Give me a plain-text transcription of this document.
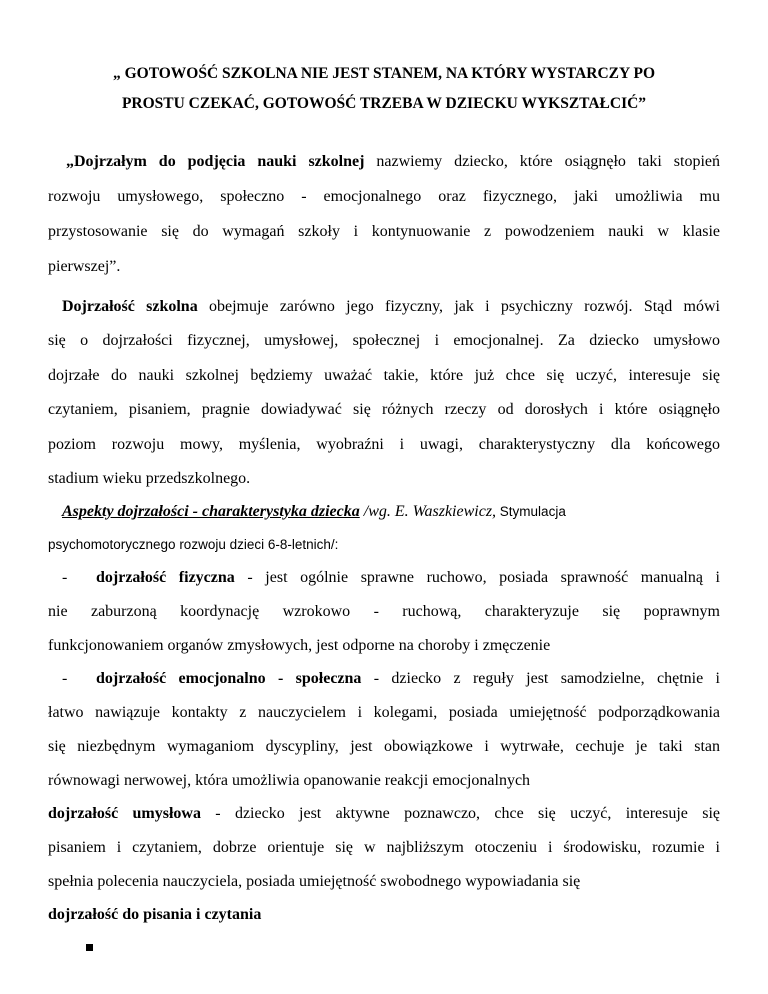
„ GOTOWOŚĆ SZKOLNA NIE JEST STANEM, NA KTÓRY WYSTARCZY PO
PROSTU CZEKAĆ, GOTOWOŚĆ TRZEBA W DZIECKU WYKSZTAŁCIĆ”
„Dojrzałym do podjęcia nauki szkolnej nazwiemy dziecko, które osiągnęło taki stopień
rozwoju umysłowego, społeczno - emocjonalnego oraz fizycznego, jaki umożliwia mu
przystosowanie się do wymagań szkoły i kontynuowanie z powodzeniem nauki w klasie
pierwszej”.
Dojrzałość szkolna obejmuje zarówno jego fizyczny, jak i psychiczny rozwój. Stąd mówi
się o dojrzałości fizycznej, umysłowej, społecznej i emocjonalnej. Za dziecko umysłowo
dojrzałe do nauki szkolnej będziemy uważać takie, które już chce się uczyć, interesuje się
czytaniem, pisaniem, pragnie dowiadywać się różnych rzeczy od dorosłych i które osiągnęło
poziom rozwoju mowy, myślenia, wyobraźni i uwagi, charakterystyczny dla końcowego
stadium wieku przedszkolnego.
Aspekty dojrzałości - charakterystyka dziecka /wg. E. Waszkiewicz, Stymulacja
psychomotorycznego rozwoju dzieci 6-8-letnich/:
-	dojrzałość fizyczna - jest ogólnie sprawne ruchowo, posiada sprawność manualną i
nie zaburzoną koordynację wzrokowo - ruchową, charakteryzuje się poprawnym
funkcjonowaniem organów zmysłowych, jest odporne na choroby i zmęczenie
-	dojrzałość emocjonalno - społeczna - dziecko z reguły jest samodzielne, chętnie i
łatwo nawiązuje kontakty z nauczycielem i kolegami, posiada umiejętność podporządkowania
się niezbędnym wymaganiom dyscypliny, jest obowiązkowe i wytrwałe, cechuje je taki stan
równowagi nerwowej, która umożliwia opanowanie reakcji emocjonalnych
dojrzałość umysłowa - dziecko jest aktywne poznawczo, chce się uczyć, interesuje się
pisaniem i czytaniem, dobrze orientuje się w najbliższym otoczeniu i środowisku, rozumie i
spełnia polecenia nauczyciela, posiada umiejętność swobodnego wypowiadania się
dojrzałość do pisania i czytania
